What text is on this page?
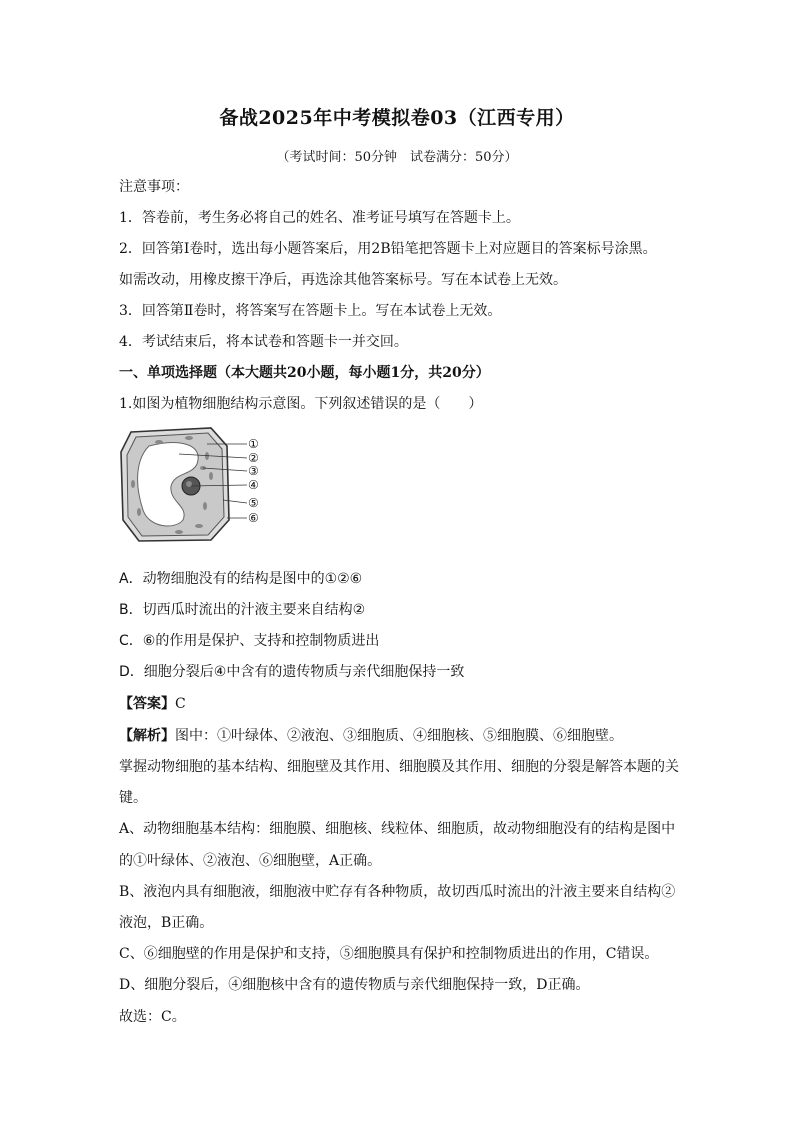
备战2025年中考模拟卷03（江西专用）
（考试时间：50分钟　试卷满分：50分）
注意事项：
1．答卷前，考生务必将自己的姓名、准考证号填写在答题卡上。
2．回答第Ⅰ卷时，选出每小题答案后，用2B铅笔把答题卡上对应题目的答案标号涂黑。
如需改动，用橡皮擦干净后，再选涂其他答案标号。写在本试卷上无效。
3．回答第Ⅱ卷时，将答案写在答题卡上。写在本试卷上无效。
4．考试结束后，将本试卷和答题卡一并交回。
一、单项选择题（本大题共20小题，每小题1分，共20分）
1.如图为植物细胞结构示意图。下列叙述错误的是（　　）
①
②
③
④
⑤
⑥
A．动物细胞没有的结构是图中的①②⑥
B．切西瓜时流出的汁液主要来自结构②
C．⑥的作用是保护、支持和控制物质进出
D．细胞分裂后④中含有的遗传物质与亲代细胞保持一致
【答案】C
【解析】图中：①叶绿体、②液泡、③细胞质、④细胞核、⑤细胞膜、⑥细胞壁。
掌握动物细胞的基本结构、细胞壁及其作用、细胞膜及其作用、细胞的分裂是解答本题的关
键。
A、动物细胞基本结构：细胞膜、细胞核、线粒体、细胞质，故动物细胞没有的结构是图中
的①叶绿体、②液泡、⑥细胞壁，A正确。
B、液泡内具有细胞液，细胞液中贮存有各种物质，故切西瓜时流出的汁液主要来自结构②
液泡，B正确。
C、⑥细胞壁的作用是保护和支持，⑤细胞膜具有保护和控制物质进出的作用，C错误。
D、细胞分裂后，④细胞核中含有的遗传物质与亲代细胞保持一致，D正确。
故选：C。
